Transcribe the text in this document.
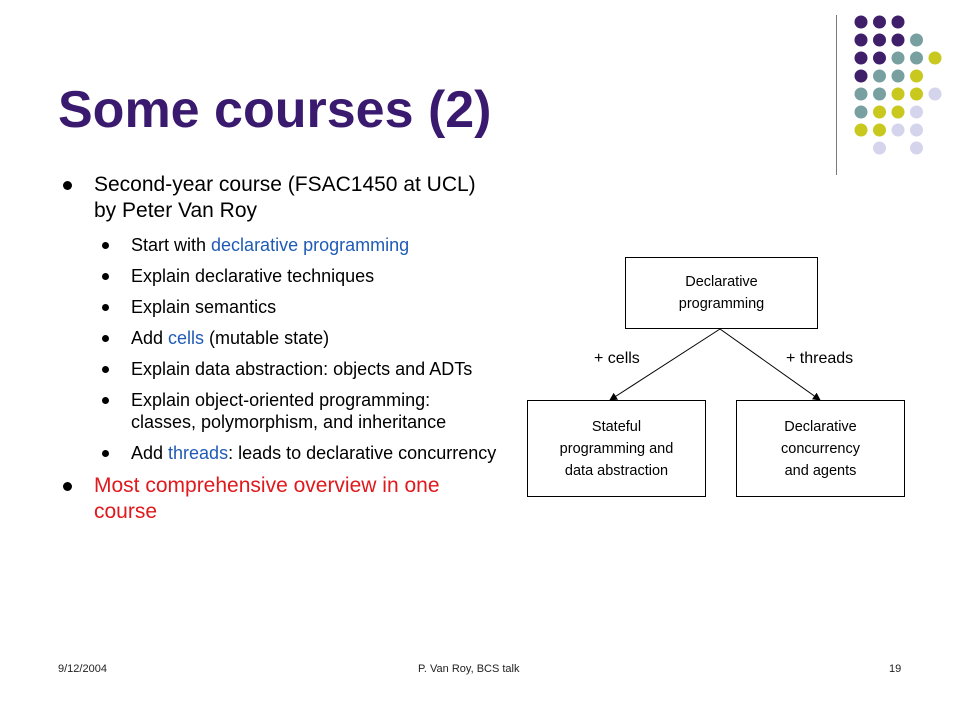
Some courses (2)
Second-year course (FSAC1450 at UCL) by Peter Van Roy
Start with declarative programming
Explain declarative techniques
Explain semantics
Add cells (mutable state)
Explain data abstraction: objects and ADTs
Explain object-oriented programming: classes, polymorphism, and inheritance
Add threads: leads to declarative concurrency
Most comprehensive overview in one course
Declarative
programming
+ cells	+ threads
Stateful
programming and
data abstraction
Declarative
concurrency
and agents
9/12/2004	P. Van Roy, BCS talk	19
